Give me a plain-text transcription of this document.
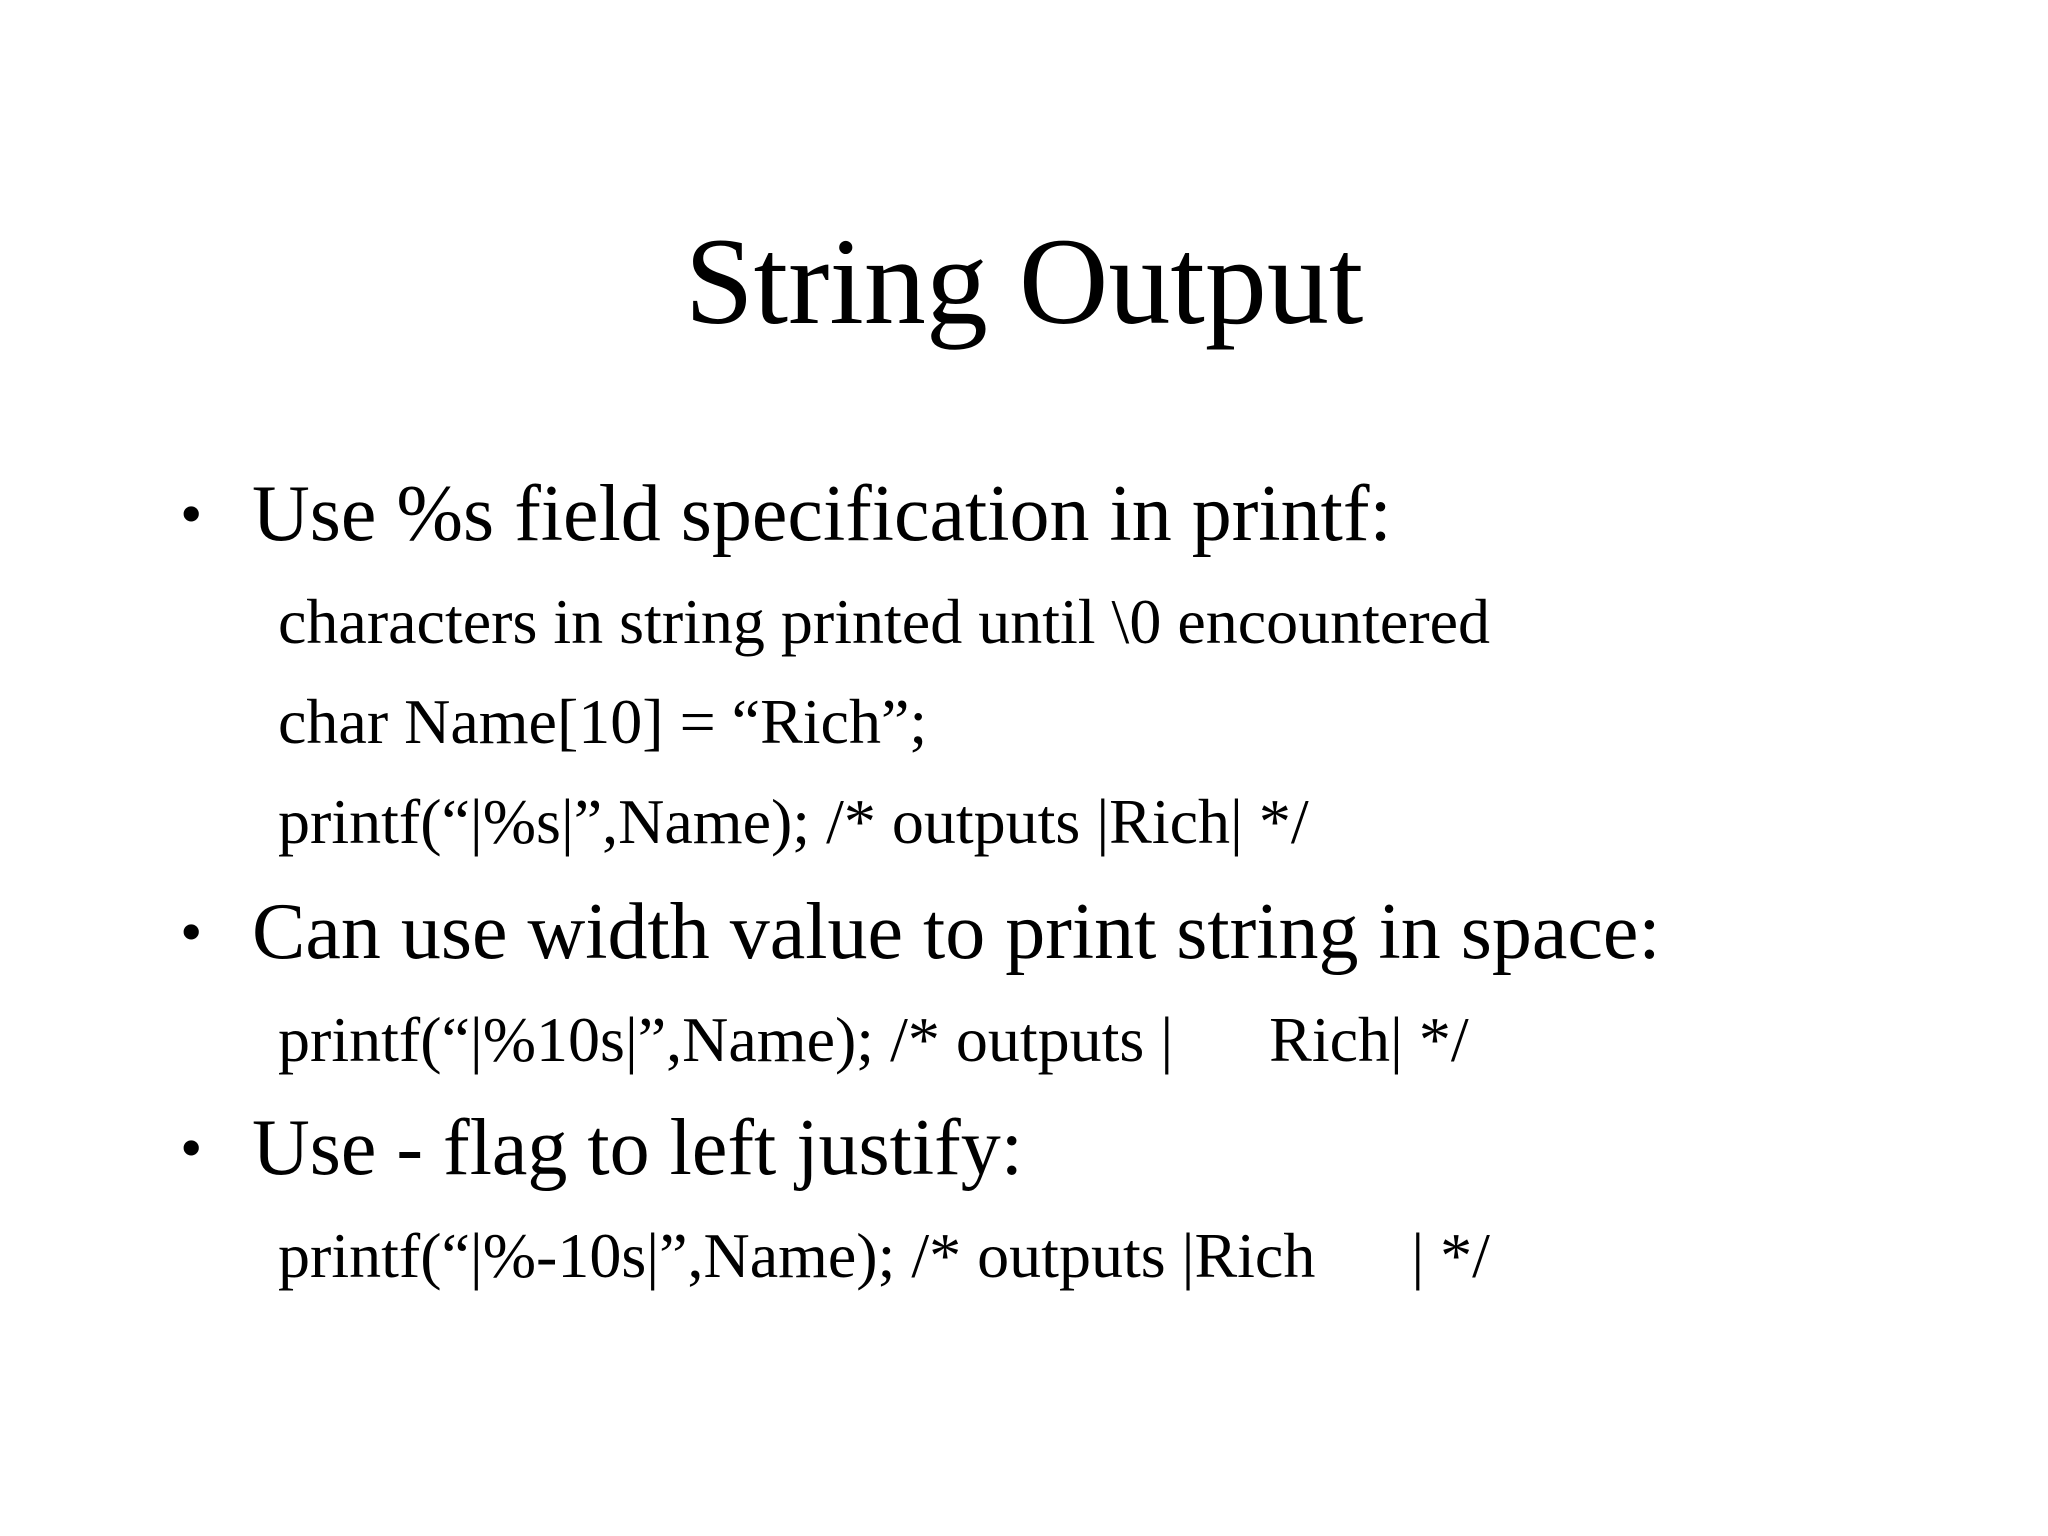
String Output

•

Use %s field specification in printf:

characters in string printed until \0 encountered
char Name[10] = “Rich”;
printf(“|%s|”,Name); /* outputs |Rich| */

•

Can use width value to print string in space:

printf(“|%10s|”,Name); /* outputs |      Rich| */

•

Use - flag to left justify:

printf(“|%-10s|”,Name); /* outputs |Rich      | */
